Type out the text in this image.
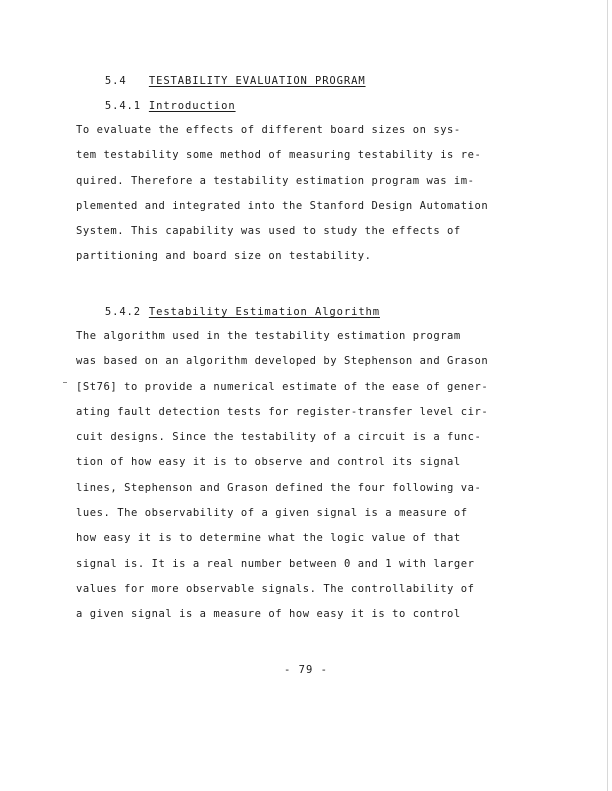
5.4 TESTABILITY EVALUATION PROGRAM

5.4.1 Introduction

To evaluate the effects of different board sizes on sys-
tem testability some method of measuring testability is re-
quired. Therefore a testability estimation program was im-
plemented and integrated into the Stanford Design Automation
System. This capability was used to study the effects of
partitioning and board size on testability.

5.4.2 Testability Estimation Algorithm

The algorithm used in the testability estimation program
was based on an algorithm developed by Stephenson and Grason
[St76] to provide a numerical estimate of the ease of gener-
ating fault detection tests for register-transfer level cir-
cuit designs. Since the testability of a circuit is a func-
tion of how easy it is to observe and control its signal
lines, Stephenson and Grason defined the four following va-
lues. The observability of a given signal is a measure of
how easy it is to determine what the logic value of that
signal is. It is a real number between 0 and 1 with larger
values for more observable signals. The controllability of
a given signal is a measure of how easy it is to control
- 79 -
